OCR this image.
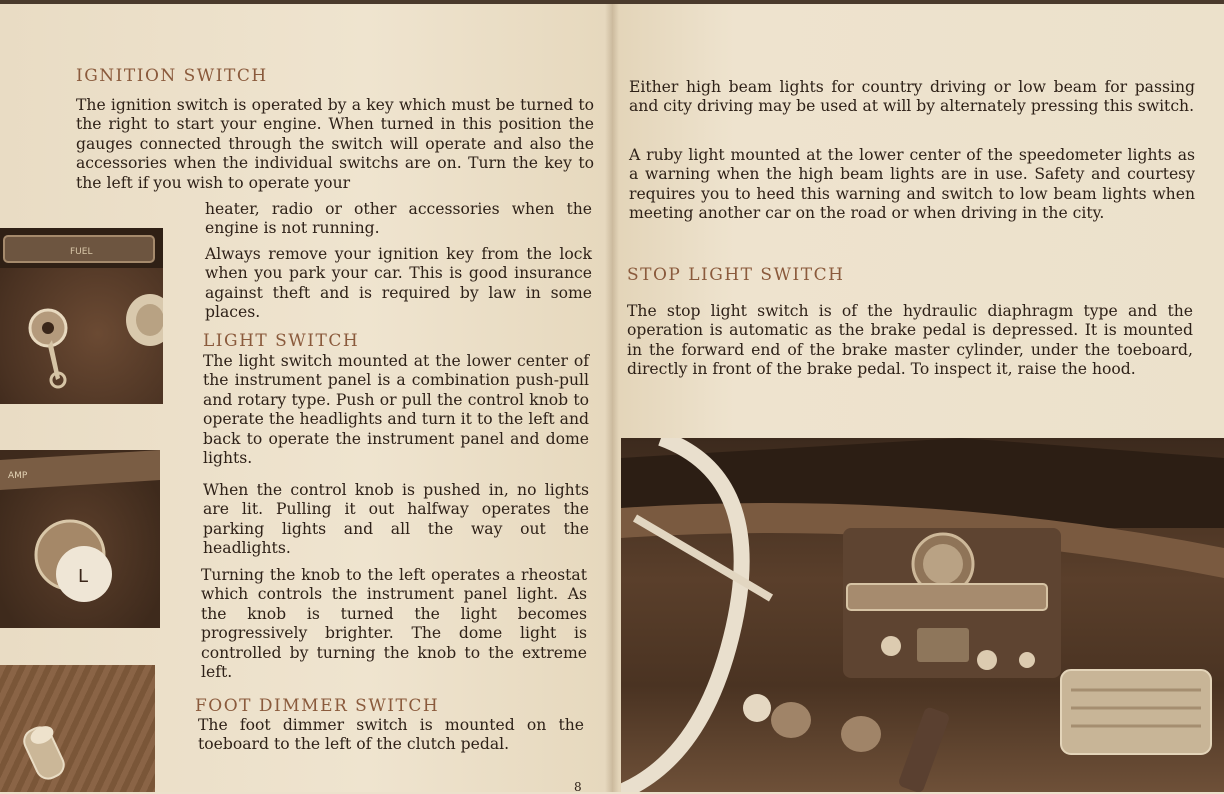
IGNITION SWITCH
The ignition switch is operated by a key which must be turned to the right to start your engine. When turned in this position the gauges connected through the switch will operate and also the accessories when the individual switchs are on. Turn the key to the left if you wish to operate your
heater, radio or other accessories when the engine is not running.
Always remove your ignition key from the lock when you park your car. This is good insurance against theft and is required by law in some places.
LIGHT SWITCH
The light switch mounted at the lower center of the instrument panel is a combination push-pull and rotary type. Push or pull the control knob to operate the headlights and turn it to the left and back to operate the instrument panel and dome lights.
When the control knob is pushed in, no lights are lit. Pulling it out halfway operates the parking lights and all the way out the headlights.
Turning the knob to the left operates a rheostat which controls the instrument panel light. As the knob is turned the light becomes progressively brighter. The dome light is controlled by turning the knob to the extreme left.
FOOT DIMMER SWITCH
The foot dimmer switch is mounted on the toeboard to the left of the clutch pedal.
8
FUEL
AMP
L
Either high beam lights for country driving or low beam for passing and city driving may be used at will by alternately pressing this switch.
A ruby light mounted at the lower center of the speedometer lights as a warning when the high beam lights are in use. Safety and courtesy requires you to heed this warning and switch to low beam lights when meeting another car on the road or when driving in the city.
STOP LIGHT SWITCH
The stop light switch is of the hydraulic diaphragm type and the operation is automatic as the brake pedal is depressed. It is mounted in the forward end of the brake master cylinder, under the toeboard, directly in front of the brake pedal. To inspect it, raise the hood.
